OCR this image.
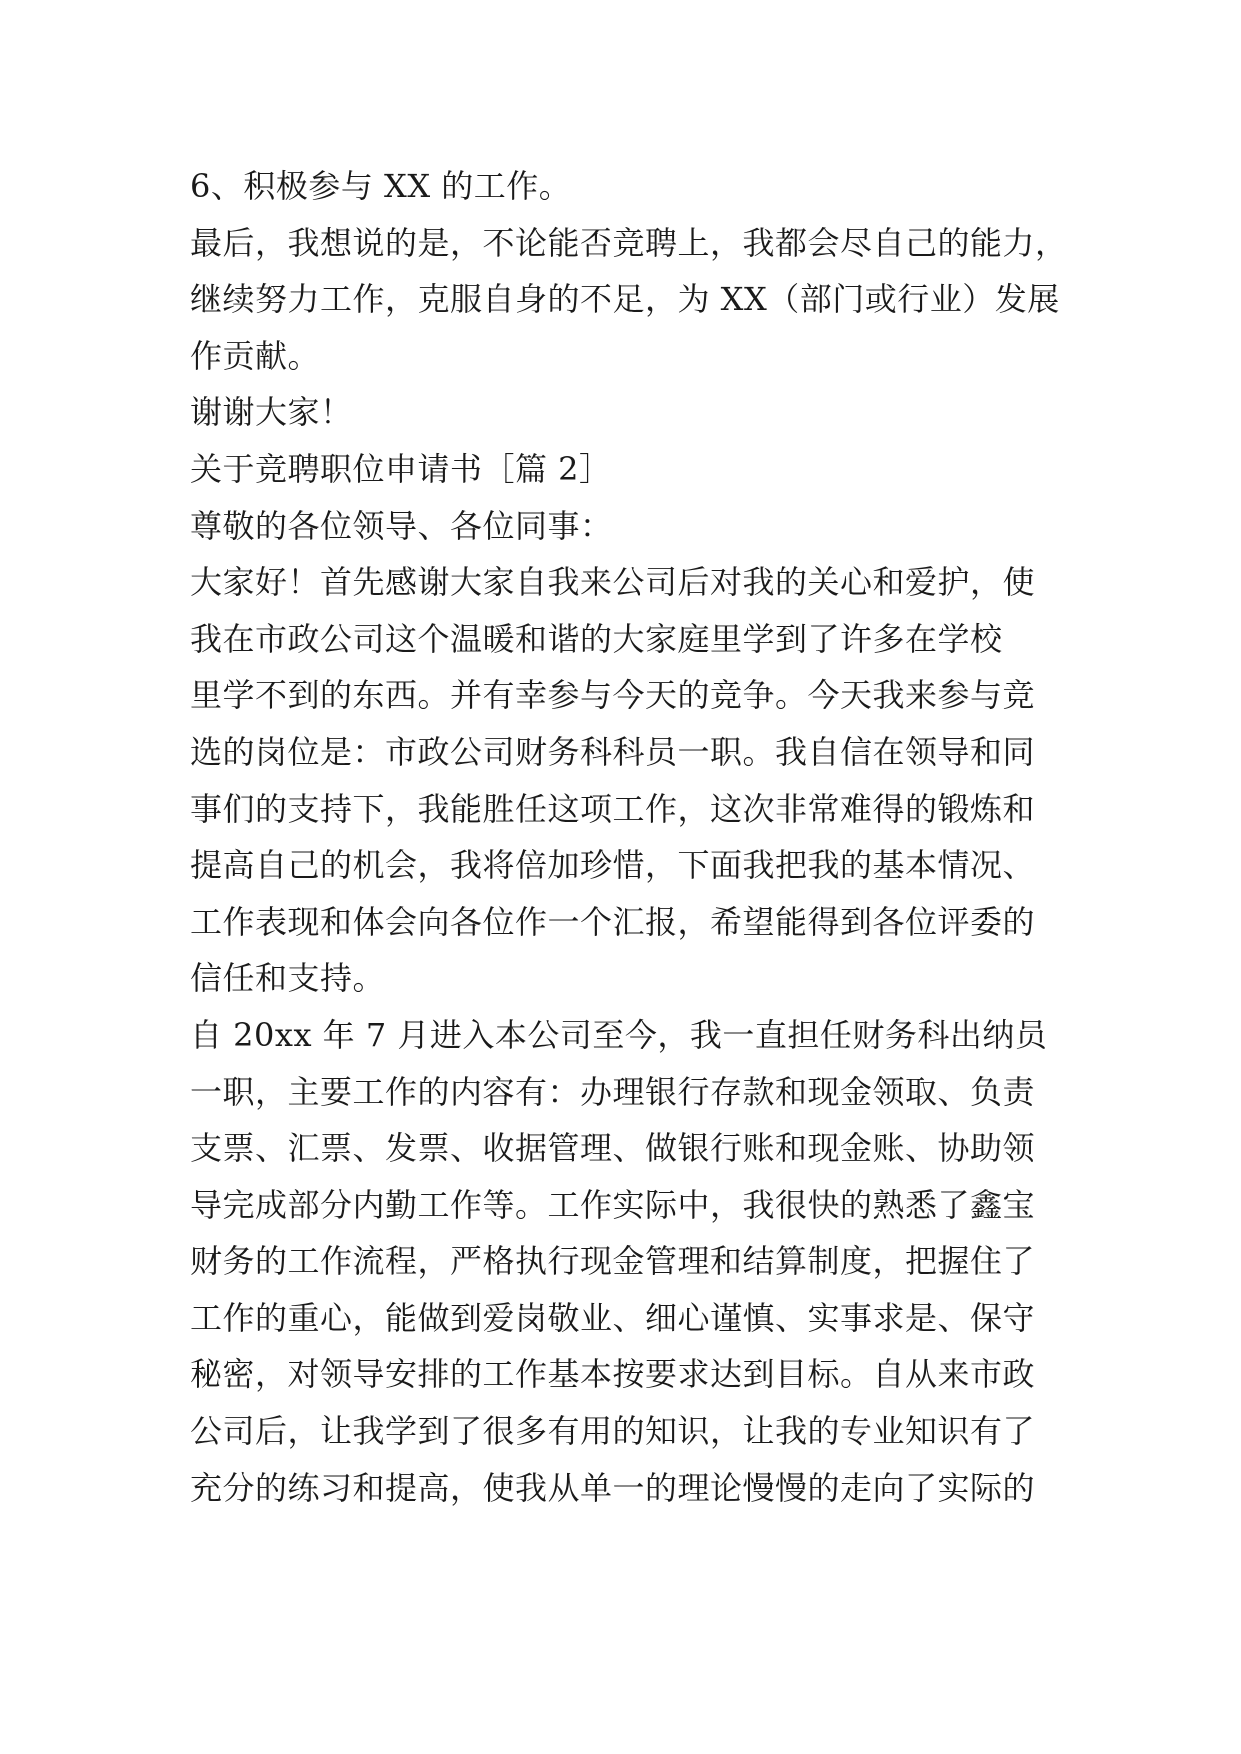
6、积极参与 XX 的工作。
最后，我想说的是，不论能否竞聘上，我都会尽自己的能力，
继续努力工作，克服自身的不足，为 XX（部门或行业）发展
作贡献。
谢谢大家！
关于竞聘职位申请书［篇 2］
尊敬的各位领导、各位同事：
大家好！首先感谢大家自我来公司后对我的关心和爱护，使
我在市政公司这个温暖和谐的大家庭里学到了许多在学校
里学不到的东西。并有幸参与今天的竞争。今天我来参与竞
选的岗位是：市政公司财务科科员一职。我自信在领导和同
事们的支持下，我能胜任这项工作，这次非常难得的锻炼和
提高自己的机会，我将倍加珍惜，下面我把我的基本情况、
工作表现和体会向各位作一个汇报，希望能得到各位评委的
信任和支持。
自 20xx 年 7 月进入本公司至今，我一直担任财务科出纳员
一职，主要工作的内容有：办理银行存款和现金领取、负责
支票、汇票、发票、收据管理、做银行账和现金账、协助领
导完成部分内勤工作等。工作实际中，我很快的熟悉了鑫宝
财务的工作流程，严格执行现金管理和结算制度，把握住了
工作的重心，能做到爱岗敬业、细心谨慎、实事求是、保守
秘密，对领导安排的工作基本按要求达到目标。自从来市政
公司后，让我学到了很多有用的知识，让我的专业知识有了
充分的练习和提高，使我从单一的理论慢慢的走向了实际的
